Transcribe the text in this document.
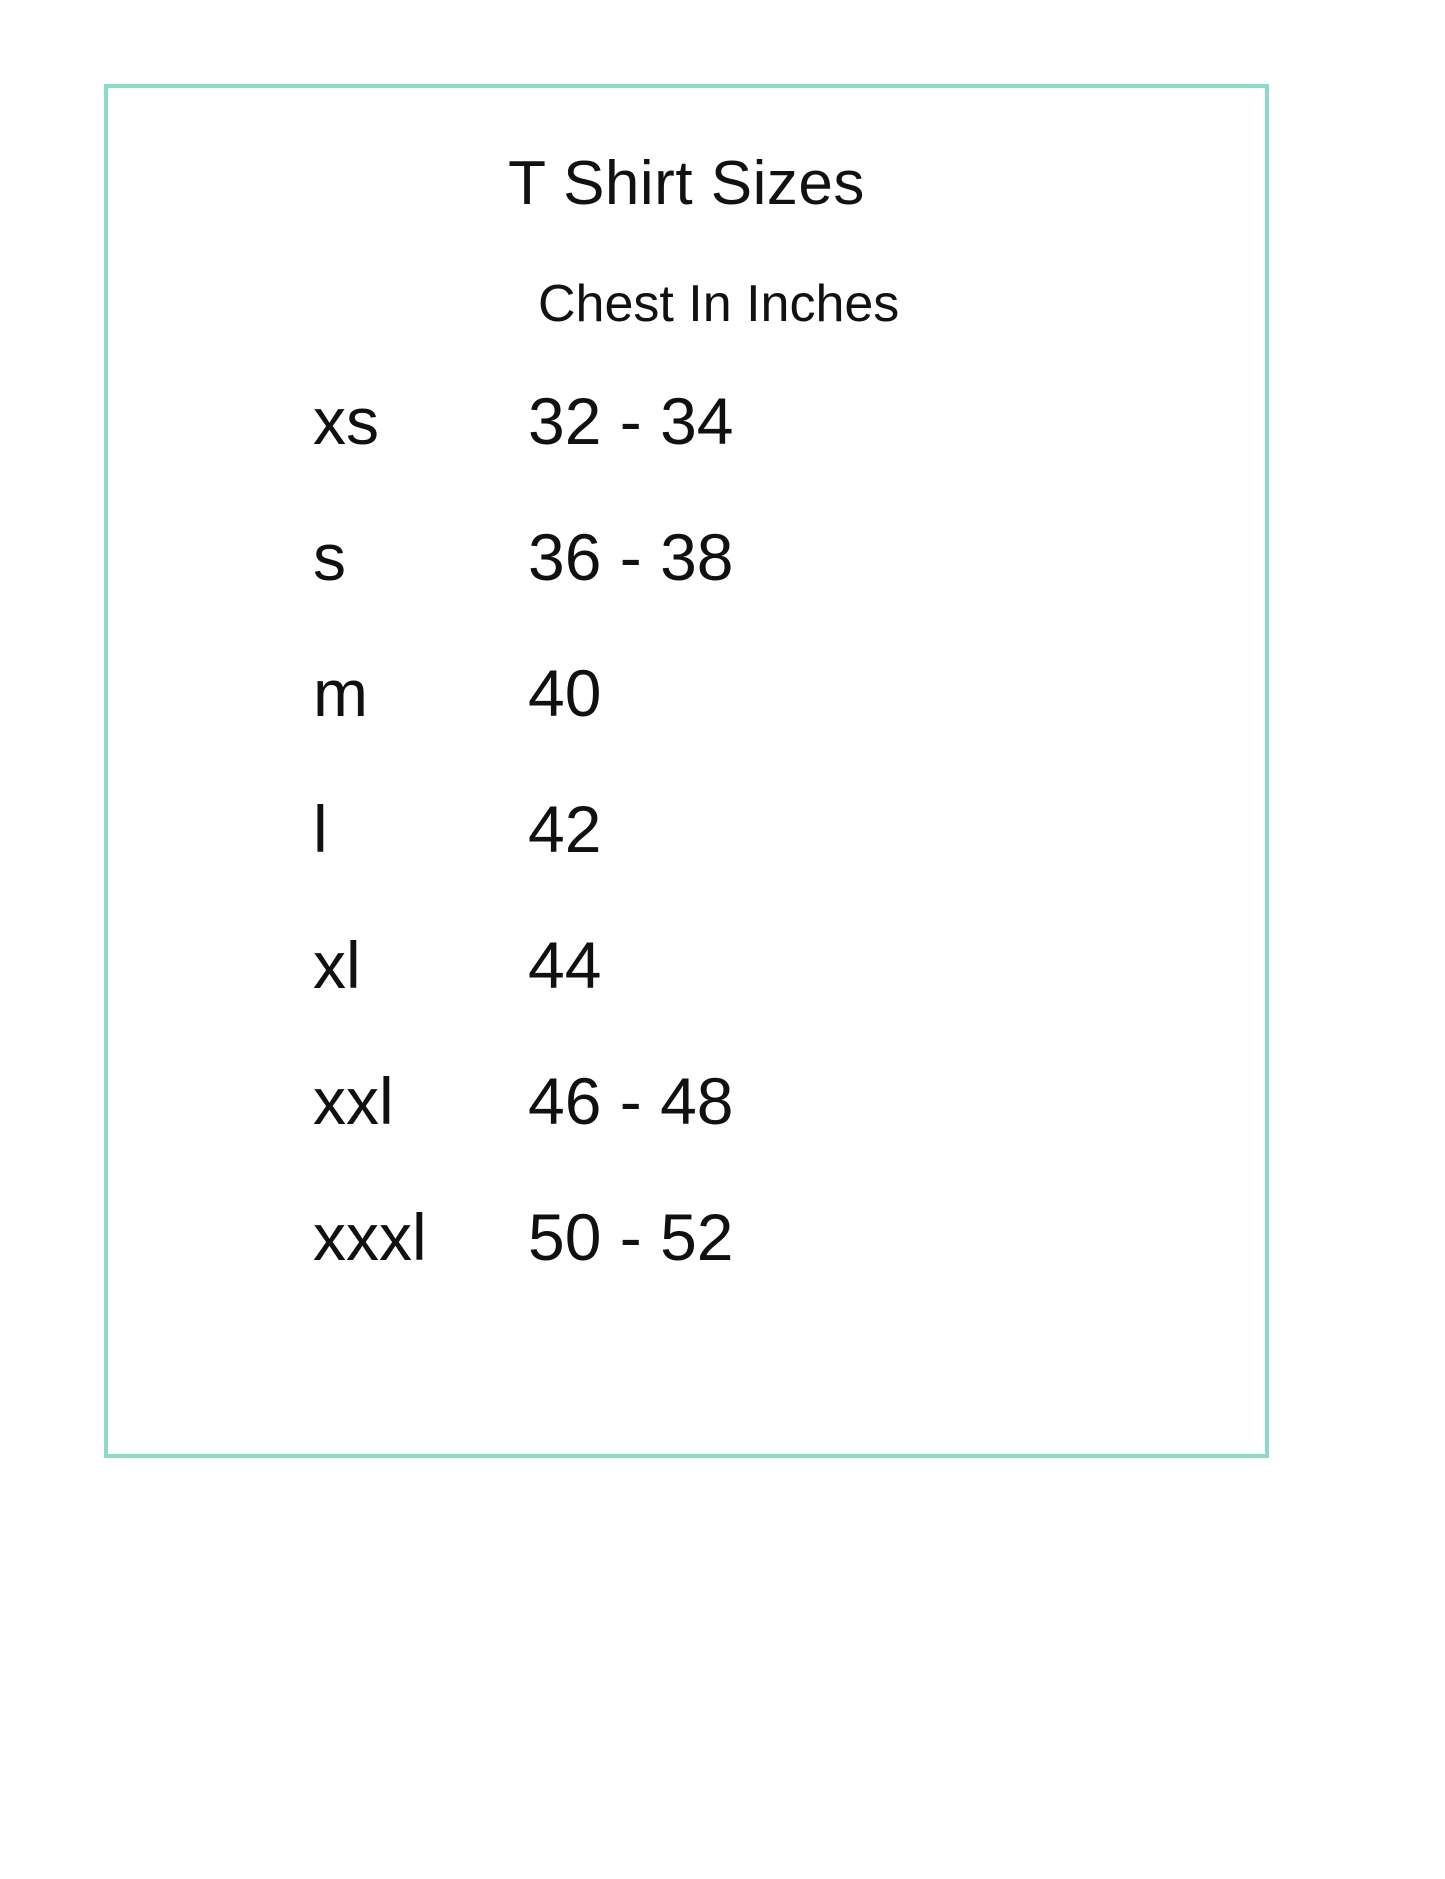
T Shirt Sizes
Chest In Inches
xs	32 - 34
s	36 - 38
m	40
l	42
xl	44
xxl	46 - 48
xxxl	50 - 52
